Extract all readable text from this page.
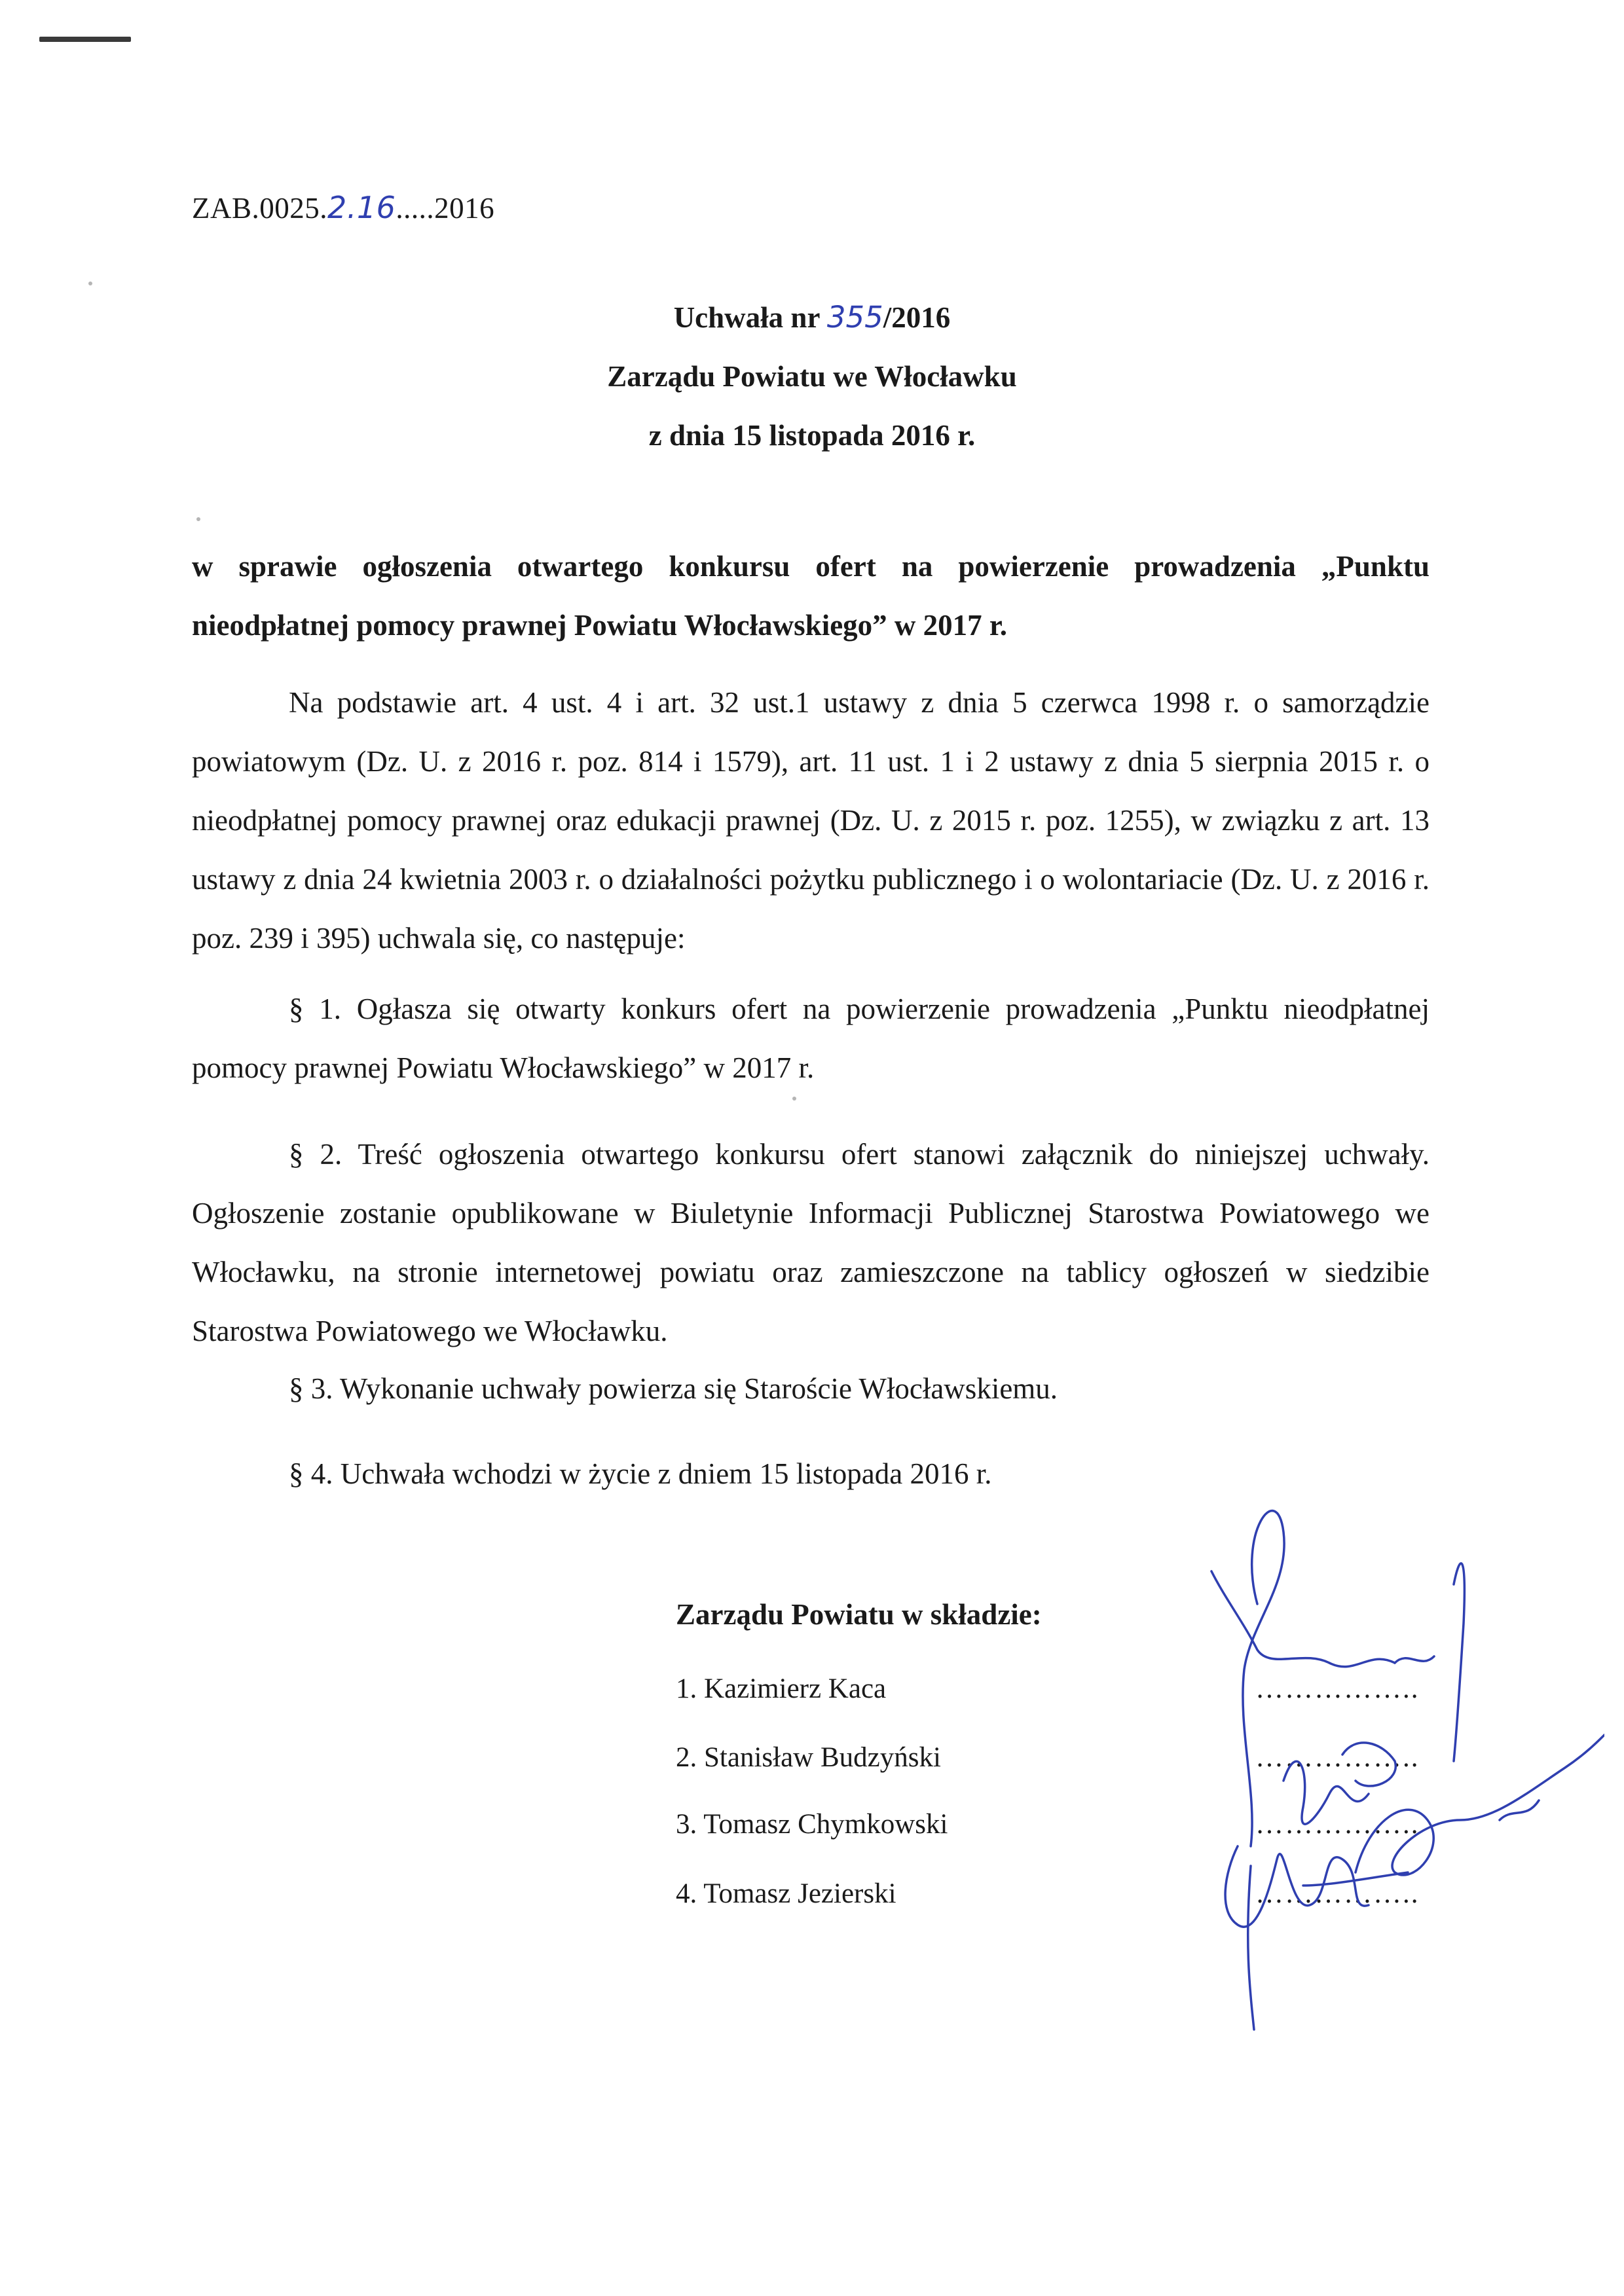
ZAB.0025.2.16.....2016
Uchwała nr 355/2016
Zarządu Powiatu we Włocławku
z dnia 15 listopada 2016 r.
w sprawie ogłoszenia otwartego konkursu ofert na powierzenie prowadzenia „Punktu nieodpłatnej pomocy prawnej Powiatu Włocławskiego” w 2017 r.
Na podstawie art. 4 ust. 4 i art. 32 ust.1 ustawy z dnia 5 czerwca 1998 r. o samorządzie powiatowym (Dz. U. z 2016 r. poz. 814 i 1579), art. 11 ust. 1 i 2 ustawy z dnia 5 sierpnia 2015 r. o nieodpłatnej pomocy prawnej oraz edukacji prawnej (Dz. U. z 2015 r. poz. 1255), w związku z art. 13 ustawy z dnia 24 kwietnia 2003 r. o działalności pożytku publicznego i o wolontariacie (Dz. U. z 2016 r. poz. 239 i 395) uchwala się, co następuje:
§ 1. Ogłasza się otwarty konkurs ofert na powierzenie prowadzenia „Punktu nieodpłatnej pomocy prawnej Powiatu Włocławskiego” w 2017 r.
§ 2. Treść ogłoszenia otwartego konkursu ofert stanowi załącznik do niniejszej uchwały. Ogłoszenie zostanie opublikowane w Biuletynie Informacji Publicznej Starostwa Powiatowego we Włocławku, na stronie internetowej powiatu oraz zamieszczone na tablicy ogłoszeń w siedzibie Starostwa Powiatowego we Włocławku.
§ 3. Wykonanie uchwały powierza się Staroście Włocławskiemu.
§ 4. Uchwała wchodzi w życie z dniem 15 listopada 2016 r.
Zarządu Powiatu w składzie:
1. Kazimierz Kaca	……………..
2. Stanisław Budzyński	……………..
3. Tomasz Chymkowski	……………..
4. Tomasz Jezierski	……………..
